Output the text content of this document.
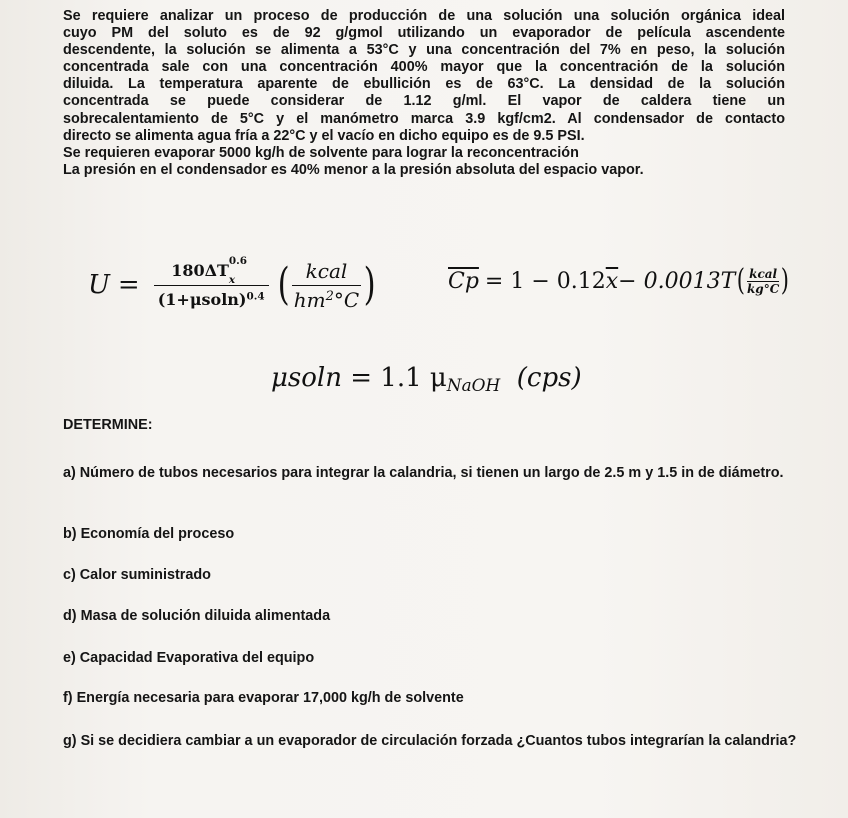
Se requiere analizar un proceso de producción de una solución una solución orgánica ideal
cuyo PM del soluto es de 92 g/gmol utilizando un evaporador de película ascendente
descendente, la solución se alimenta a 53°C y una concentración del 7% en peso, la solución
concentrada sale con una concentración 400% mayor que la concentración de la solución
diluida. La temperatura aparente de ebullición es de 63°C. La densidad de la solución
concentrada se puede considerar de 1.12 g/ml. El vapor de caldera tiene un
sobrecalentamiento de 5°C y el manómetro marca 3.9 kgf/cm2. Al condensador de contacto
directo se alimenta agua fría a 22°C y el vacío en dicho equipo es de 9.5 PSI.
Se requieren evaporar 5000 kg/h de solvente para lograr la reconcentración
La presión en el condensador es 40% menor a la presión absoluta del espacio vapor.
U = 180ΔT 0.6
$_x$
$(1+\mu soln)^{0.4}$ ( $\frac{\text{kcal}}{hm^2^\circ C}$ )	$\overline{Cp} = 1 - 0.12$ $\overline{x} - 0.0013T$ ( $\frac{\text{kcal}}{kg^\circ C}$ )
μsoln = 1.1 $\mu_{NaOH}$  (cps)

DETERMINE:

a) Número de tubos necesarios para integrar la calandria, si tienen un largo de 2.5 m y 1.5 in de diámetro.

b) Economía del proceso

c) Calor suministrado

d) Masa de solución diluida alimentada

e) Capacidad Evaporativa del equipo

f) Energía necesaria para evaporar 17,000 kg/h de solvente

g) Si se decidiera cambiar a un evaporador de circulación forzada ¿Cuantos tubos integrarían la calandria?
